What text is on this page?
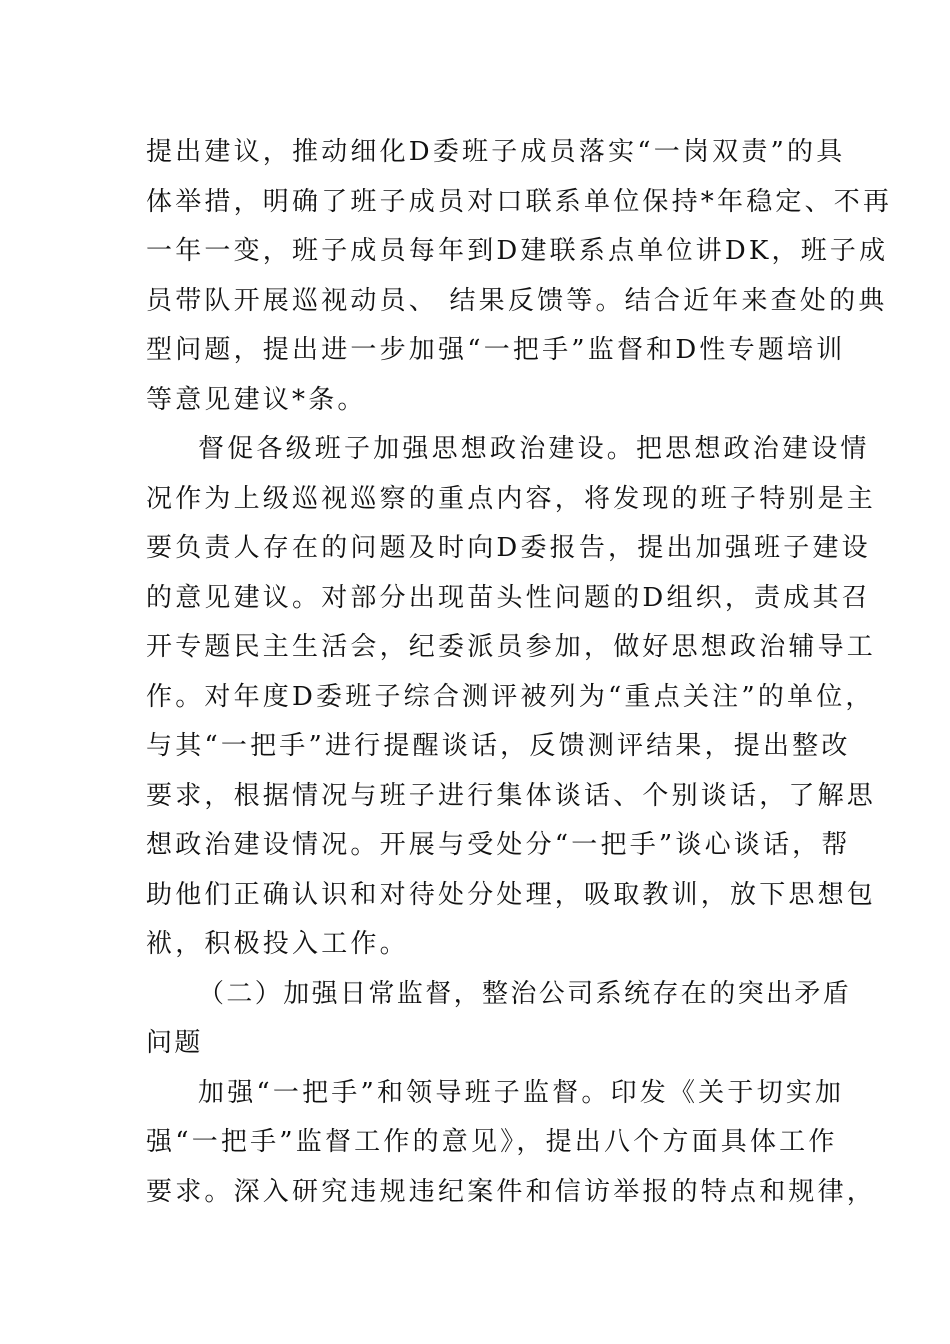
提出建议，推动细化D委班子成员落实“一岗双责”的具
体举措，明确了班子成员对口联系单位保持*年稳定、不再
一年一变，班子成员每年到D建联系点单位讲DK，班子成
员带队开展巡视动员、 结果反馈等。结合近年来查处的典
型问题，提出进一步加强“一把手”监督和D性专题培训
等意见建议*条。
督促各级班子加强思想政治建设。把思想政治建设情
况作为上级巡视巡察的重点内容，将发现的班子特别是主
要负责人存在的问题及时向D委报告，提出加强班子建设
的意见建议。对部分出现苗头性问题的D组织，责成其召
开专题民主生活会，纪委派员参加，做好思想政治辅导工
作。对年度D委班子综合测评被列为“重点关注”的单位，
与其“一把手”进行提醒谈话，反馈测评结果，提出整改
要求，根据情况与班子进行集体谈话、个别谈话，了解思
想政治建设情况。开展与受处分“一把手”谈心谈话，帮
助他们正确认识和对待处分处理，吸取教训，放下思想包
袱，积极投入工作。
（二）加强日常监督，整治公司系统存在的突出矛盾
问题
加强“一把手”和领导班子监督。印发《关于切实加
强“一把手”监督工作的意见》，提出八个方面具体工作
要求。深入研究违规违纪案件和信访举报的特点和规律，
